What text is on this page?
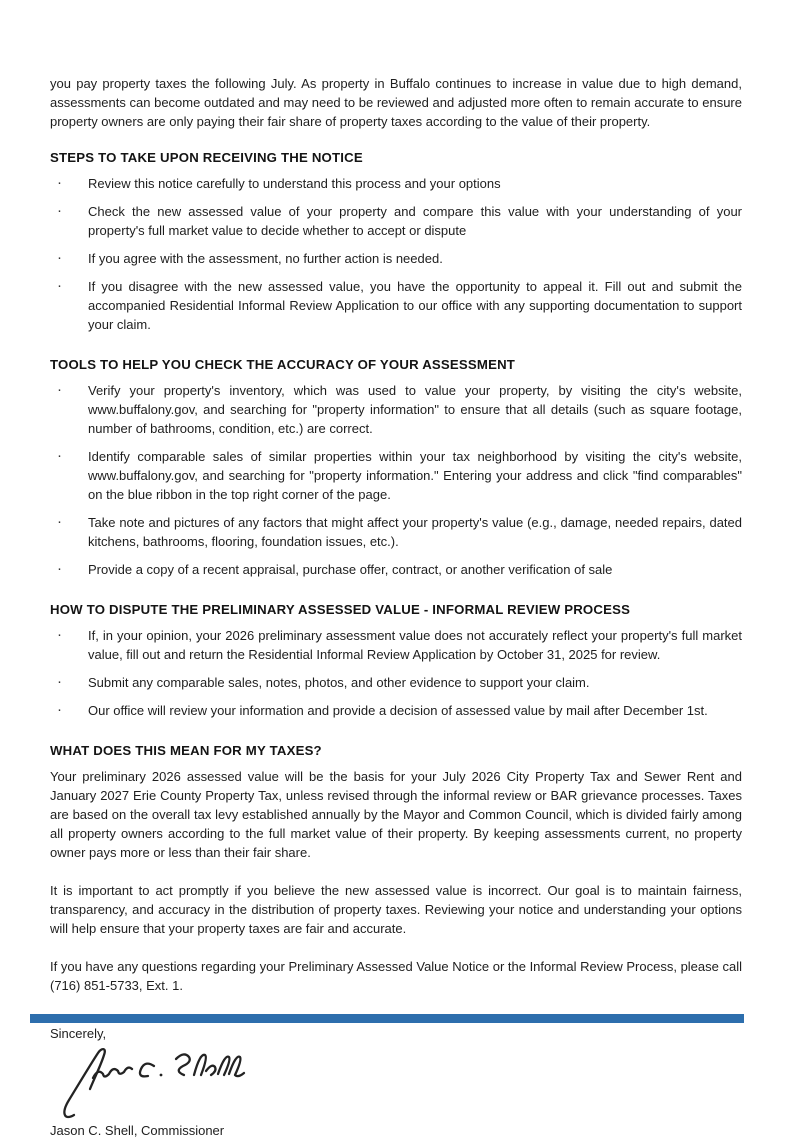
you pay property taxes the following July. As property in Buffalo continues to increase in value due to high demand, assessments can become outdated and may need to be reviewed and adjusted more often to remain accurate to ensure property owners are only paying their fair share of property taxes according to the value of their property.

STEPS TO TAKE UPON RECEIVING THE NOTICE
· Review this notice carefully to understand this process and your options
· Check the new assessed value of your property and compare this value with your understanding of your property's full market value to decide whether to accept or dispute
· If you agree with the assessment, no further action is needed.
· If you disagree with the new assessed value, you have the opportunity to appeal it. Fill out and submit the accompanied Residential Informal Review Application to our office with any supporting documentation to support your claim.
TOOLS TO HELP YOU CHECK THE ACCURACY OF YOUR ASSESSMENT
· Verify your property's inventory, which was used to value your property, by visiting the city's website, www.buffalony.gov, and searching for "property information" to ensure that all details (such as square footage, number of bathrooms, condition, etc.) are correct.
· Identify comparable sales of similar properties within your tax neighborhood by visiting the city's website, www.buffalony.gov, and searching for "property information." Entering your address and click "find comparables" on the blue ribbon in the top right corner of the page.
· Take note and pictures of any factors that might affect your property's value (e.g., damage, needed repairs, dated kitchens, bathrooms, flooring, foundation issues, etc.).
· Provide a copy of a recent appraisal, purchase offer, contract, or another verification of sale
HOW TO DISPUTE THE PRELIMINARY ASSESSED VALUE - INFORMAL REVIEW PROCESS
· If, in your opinion, your 2026 preliminary assessment value does not accurately reflect your property's full market value, fill out and return the Residential Informal Review Application by October 31, 2025 for review.
· Submit any comparable sales, notes, photos, and other evidence to support your claim.
· Our office will review your information and provide a decision of assessed value by mail after December 1st.
WHAT DOES THIS MEAN FOR MY TAXES?

Your preliminary 2026 assessed value will be the basis for your July 2026 City Property Tax and Sewer Rent and January 2027 Erie County Property Tax, unless revised through the informal review or BAR grievance processes. Taxes are based on the overall tax levy established annually by the Mayor and Common Council, which is divided fairly among all property owners according to the full market value of their property. By keeping assessments current, no property owner pays more or less than their fair share.

It is important to act promptly if you believe the new assessed value is incorrect. Our goal is to maintain fairness, transparency, and accuracy in the distribution of property taxes. Reviewing your notice and understanding your options will help ensure that your property taxes are fair and accurate.

If you have any questions regarding your Preliminary Assessed Value Notice or the Informal Review Process, please call (716) 851-5733, Ext. 1.

Sincerely,

Jason C. Shell, Commissioner
